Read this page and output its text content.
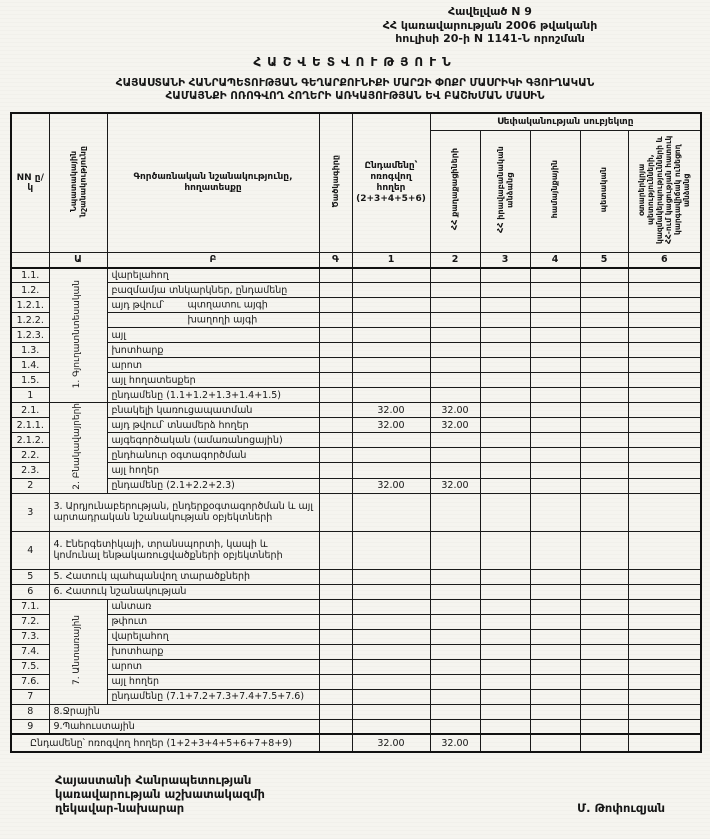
Հավելված N 9
ՀՀ կառավարության 2006 թվականի
հուլիսի 20-ի N 1141-Ն որոշման
ՀԱՇՎԵՏՎՈՒԹՅՈՒՆ
ՀԱՅԱՍՏԱՆԻ ՀԱՆՐԱՊԵՏՈՒԹՅԱՆ ԳԵՂԱՐՔՈՒՆԻՔԻ ՄԱՐԶԻ ՓՈՔՐ ՄԱՍՐԻԿԻ ԳՅՈՒՂԱԿԱՆ
ՀԱՄԱՅՆՔԻ ՈՌՈԳՎՈՂ ՀՈՂԵՐԻ ԱՌԿԱՅՈՒԹՅԱՆ ԵՎ ԲԱՇԽՄԱՆ ՄԱՍԻՆ
NN ը/կ	Նպատակային նշանակությունը	Գործառնական նշանակությունը, հողատեսքը	Ծածկագիրը	Ընդամենը՝ ոռոգվող հողեր (2+3+4+5+6)	Սեփականության սուբյեկտը				
					ՀՀ քաղաքացիների	ՀՀ իրավաբանական անձանց	համայնքային	պետական	օտարերկրյա պետությունների, կազմակերպությունների և ՀՀ-ում կացության հատուկ կարգավիճակ ունեցող անձանց
	Ա	Բ	Գ	1	2	3	4	5	6
1.1.	1. Գյուղատնտեսական	վարելահող							
1.2.		բազմամյա տնկարկներ, ընդամենը							
1.2.1.		այդ թվում՝ պտղատու այգի							

1.2.2.		խաղողի այգի							

1.2.3.		այլ							
1.3.		խոտհարք							
1.4.		արոտ							
1.5.		այլ հողատեսքեր							
1		ընդամենը (1.1+1.2+1.3+1.4+1.5)							
2.1.	2. Բնակավայրերի	բնակելի կառուցապատման		32.00	32.00				
2.1.1.		այդ թվում՝ տնամերձ հողեր		32.00	32.00				
2.1.2.		այգեգործական (ամառանոցային)							
2.2.		ընդհանուր օգտագործման							
2.3.		այլ հողեր							
2		ընդամենը (2.1+2.2+2.3)		32.00	32.00				
3	3. Արդյունաբերության, ընդերքօգտագործման և այլ արտադրական նշանակության օբյեկտների								
4	4. Էներգետիկայի, տրանսպորտի, կապի և կոմունալ ենթակառուցվածքների օբյեկտների								
5	5. Հատուկ պահպանվող տարածքների								
6	6. Հատուկ նշանակության								
7.1.	7. Անտառային	անտառ							
7.2.		թփուտ							
7.3.		վարելահող							
7.4.		խոտհարք							
7.5.		արոտ							
7.6.		այլ հողեր							
7		ընդամենը (7.1+7.2+7.3+7.4+7.5+7.6)							
8	8.Ջրային								
9	9.Պահուստային								
Ընդամենը՝ ոռոգվող հողեր (1+2+3+4+5+6+7+8+9)				32.00	32.00				
Հայաստանի Հանրապետության
կառավարության աշխատակազմի
ղեկավար-նախարար	Մ. Թոփուզյան
